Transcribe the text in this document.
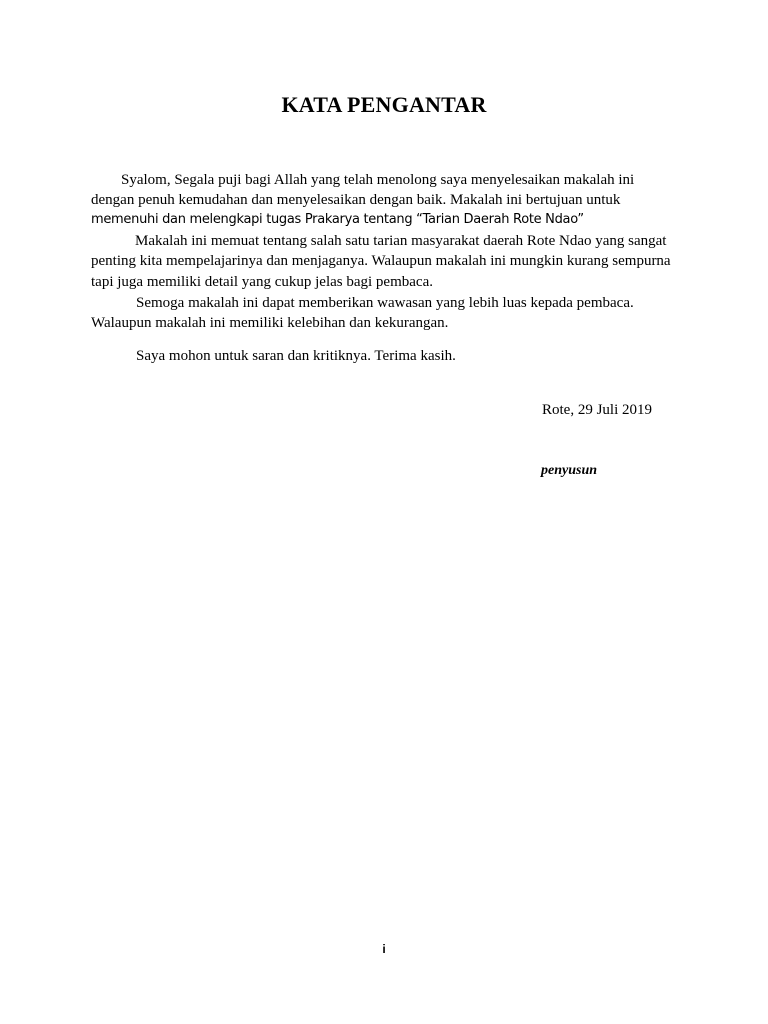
KATA PENGANTAR
Syalom, Segala puji bagi Allah yang telah menolong saya menyelesaikan makalah ini
dengan penuh kemudahan dan menyelesaikan dengan baik. Makalah ini bertujuan untuk
memenuhi dan melengkapi tugas Prakarya tentang “Tarian Daerah Rote Ndao”
Makalah ini memuat tentang salah satu tarian masyarakat daerah Rote Ndao yang sangat
penting kita mempelajarinya dan menjaganya. Walaupun makalah ini mungkin kurang sempurna
tapi juga memiliki detail yang cukup jelas bagi pembaca.
Semoga makalah ini dapat memberikan wawasan yang lebih luas kepada pembaca.
Walaupun makalah ini memiliki kelebihan dan kekurangan.
Saya mohon untuk saran dan kritiknya. Terima kasih.
Rote, 29 Juli 2019
penyusun
i
